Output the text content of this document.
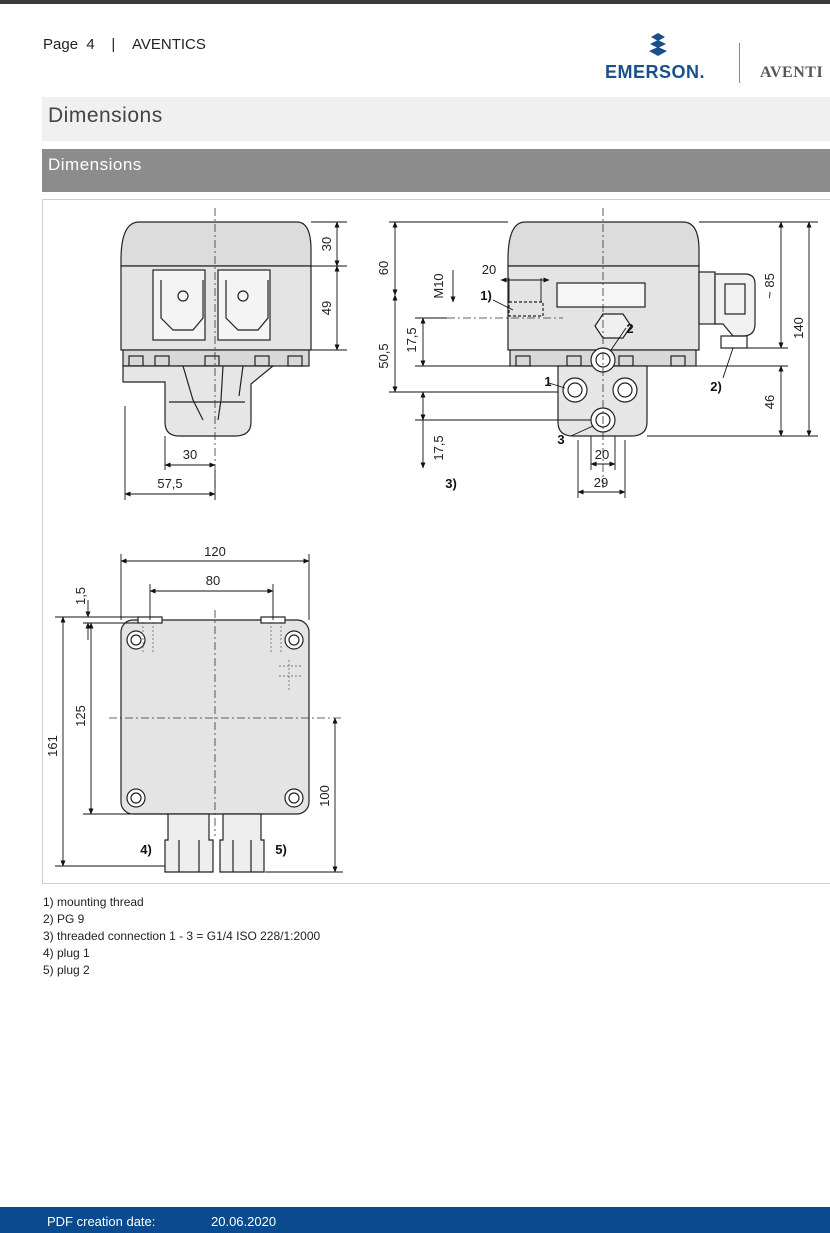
Page 4 | AVENTICS
EMERSON.	AVENTI
Dimensions
Dimensions
30
49
30
57,5
60
M10
20
1)
17,5
50,5
2
1
3
17,5
3)
20
29
~ 85
140
2)
46
120
80
1,5
125
161
100
4)	5)
1) mounting thread
2) PG 9
3) threaded connection 1 - 3 = G1/4 ISO 228/1:2000
4) plug 1
5) plug 2
PDF creation date:	20.06.2020
